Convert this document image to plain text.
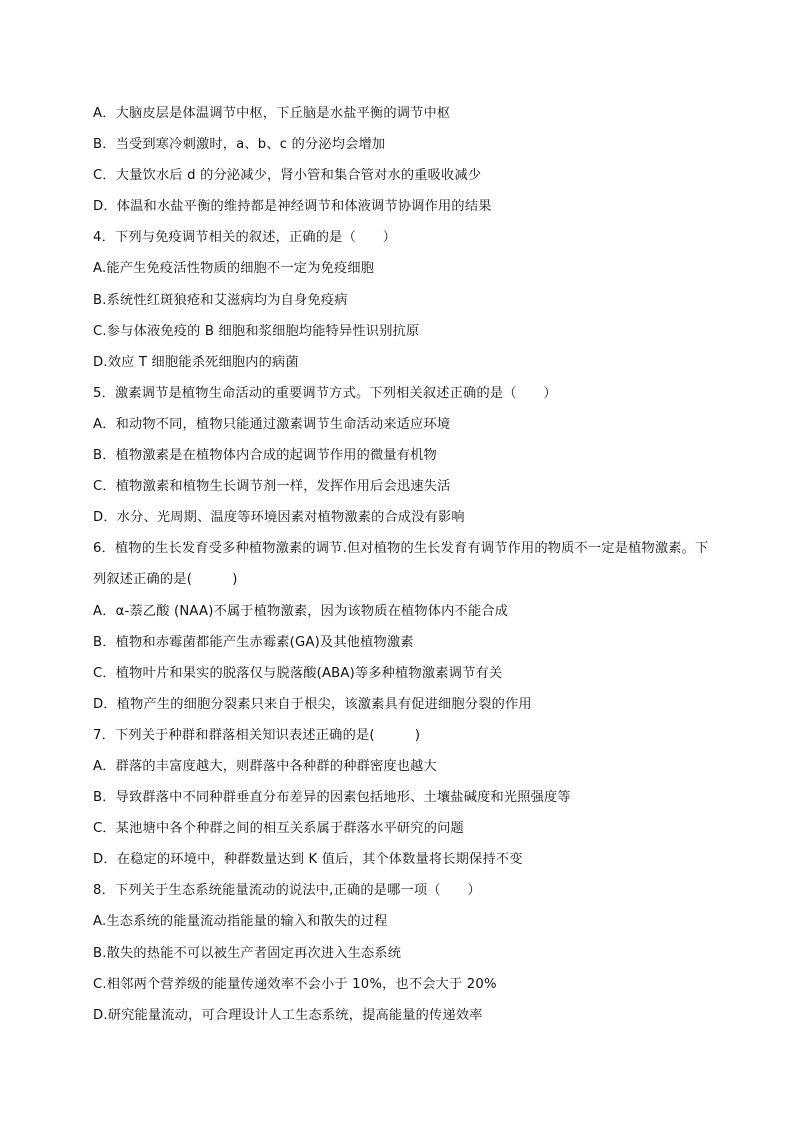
A．大脑皮层是体温调节中枢，下丘脑是水盐平衡的调节中枢
B．当受到寒冷刺激时，a、b、c 的分泌均会增加
C．大量饮水后 d 的分泌减少，肾小管和集合管对水的重吸收减少
D．体温和水盐平衡的维持都是神经调节和体液调节协调作用的结果
4．下列与免疫调节相关的叙述，正确的是（　　）
A.能产生免疫活性物质的细胞不一定为免疫细胞
B.系统性红斑狼疮和艾滋病均为自身免疫病
C.参与体液免疫的 B 细胞和浆细胞均能特异性识别抗原
D.效应 T 细胞能杀死细胞内的病菌
5．激素调节是植物生命活动的重要调节方式。下列相关叙述正确的是（　　）
A．和动物不同，植物只能通过激素调节生命活动来适应环境
B．植物激素是在植物体内合成的起调节作用的微量有机物
C．植物激素和植物生长调节剂一样，发挥作用后会迅速失活
D．水分、光周期、温度等环境因素对植物激素的合成没有影响
6．植物的生长发育受多种植物激素的调节.但对植物的生长发育有调节作用的物质不一定是植物激素。下列叙述正确的是(　　　)
A．α-萘乙酸 (NAA)不属于植物激素，因为该物质在植物体内不能合成
B．植物和赤霉菌都能产生赤霉素(GA)及其他植物激素
C．植物叶片和果实的脱落仅与脱落酸(ABA)等多种植物激素调节有关
D．植物产生的细胞分裂素只来自于根尖，该激素具有促进细胞分裂的作用
7．下列关于种群和群落相关知识表述正确的是(　　　)
A．群落的丰富度越大，则群落中各种群的种群密度也越大
B．导致群落中不同种群垂直分布差异的因素包括地形、土壤盐碱度和光照强度等
C．某池塘中各个种群之间的相互关系属于群落水平研究的问题
D．在稳定的环境中，种群数量达到 K 值后，其个体数量将长期保持不变
8．下列关于生态系统能量流动的说法中,正确的是哪一项（　　）
A.生态系统的能量流动指能量的输入和散失的过程
B.散失的热能不可以被生产者固定再次进入生态系统
C.相邻两个营养级的能量传递效率不会小于 10%，也不会大于 20%
D.研究能量流动，可合理设计人工生态系统，提高能量的传递效率
